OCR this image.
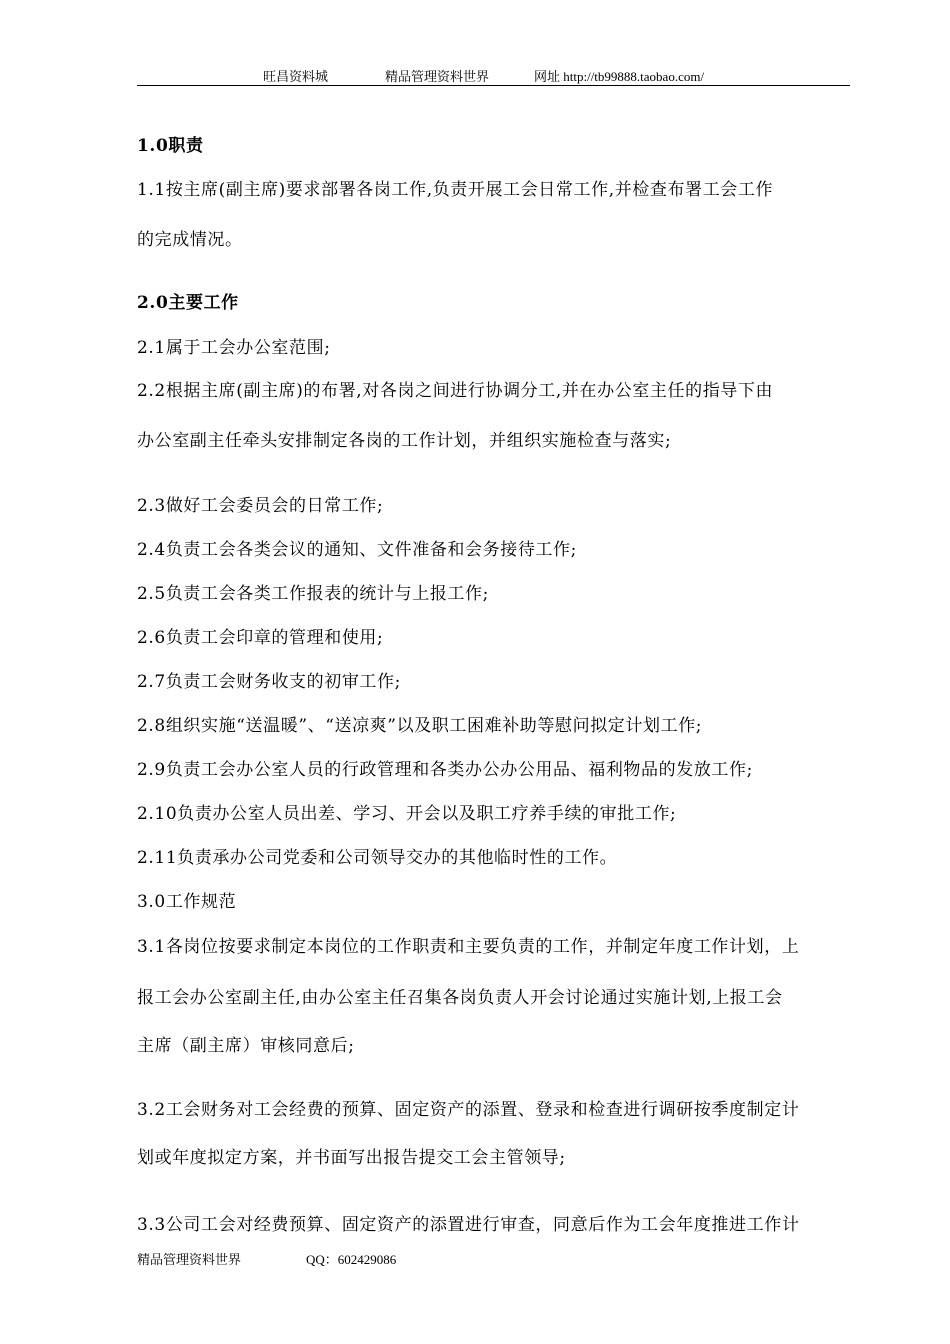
旺昌资料城	精品管理资料世界	网址 http://tb99888.taobao.com/
1.0职责
1.1按主席(副主席)要求部署各岗工作,负责开展工会日常工作,并检查布署工会工作
的完成情况。
2.0主要工作
2.1属于工会办公室范围;
2.2根据主席(副主席)的布署,对各岗之间进行协调分工,并在办公室主任的指导下由
办公室副主任牵头安排制定各岗的工作计划，并组织实施检查与落实;
2.3做好工会委员会的日常工作;
2.4负责工会各类会议的通知、文件准备和会务接待工作;
2.5负责工会各类工作报表的统计与上报工作;
2.6负责工会印章的管理和使用;
2.7负责工会财务收支的初审工作;
2.8组织实施“送温暖”、“送凉爽”以及职工困难补助等慰问拟定计划工作;
2.9负责工会办公室人员的行政管理和各类办公办公用品、福利物品的发放工作;
2.10负责办公室人员出差、学习、开会以及职工疗养手续的审批工作;
2.11负责承办公司党委和公司领导交办的其他临时性的工作。
3.0工作规范
3.1各岗位按要求制定本岗位的工作职责和主要负责的工作，并制定年度工作计划，上
报工会办公室副主任,由办公室主任召集各岗负责人开会讨论通过实施计划,上报工会
主席（副主席）审核同意后;
3.2工会财务对工会经费的预算、固定资产的添置、登录和检查进行调研按季度制定计
划或年度拟定方案，并书面写出报告提交工会主管领导;
3.3公司工会对经费预算、固定资产的添置进行审查，同意后作为工会年度推进工作计
精品管理资料世界	QQ：602429086
